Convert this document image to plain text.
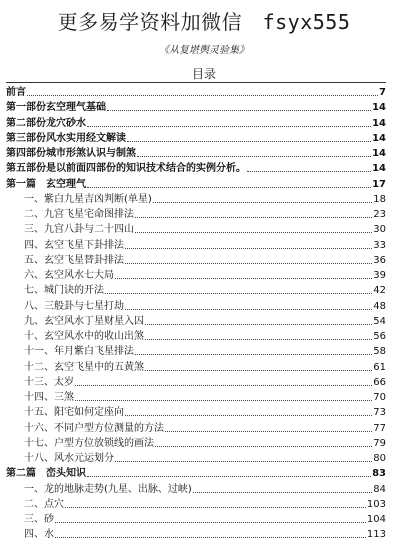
更多易学资料加微信　fsyx555
《从复堪舆灵验集》
目录
前言	7
第一部份玄空理气基础	14
第二部份龙穴砂水	14
第三部份风水实用经文解读	14
第四部份城市形煞认识与制煞	14
第五部份是以前面四部份的知识技术结合的实例分析。	14
第一篇　玄空理气	17
一、紫白九星吉凶判断(单星)	18
二、九宫飞星宅命图排法	23
三、九宫八卦与二十四山	30
四、玄空飞星下卦排法	33
五、玄空飞星替卦排法	36
六、玄空风水七大局	39
七、城门诀的开法	42
八、三般卦与七星打劫	48
九、玄空风水丁星财星入囚	54
十、玄空风水中的收山出煞	56
十一、年月紫白飞星排法	58
十二、玄空飞星中的五黄煞	61
十三、太岁	66
十四、三煞	70
十五、阳宅如何定座向	73
十六、不同户型方位测量的方法	77
十七、户型方位放锁线的画法	79
十八、风水元运划分	80
第二篇　峦头知识	83
一、龙的地脉走势(九星、出脉、过峡)	84
二、点穴	103
三、砂	104
四、水	113
